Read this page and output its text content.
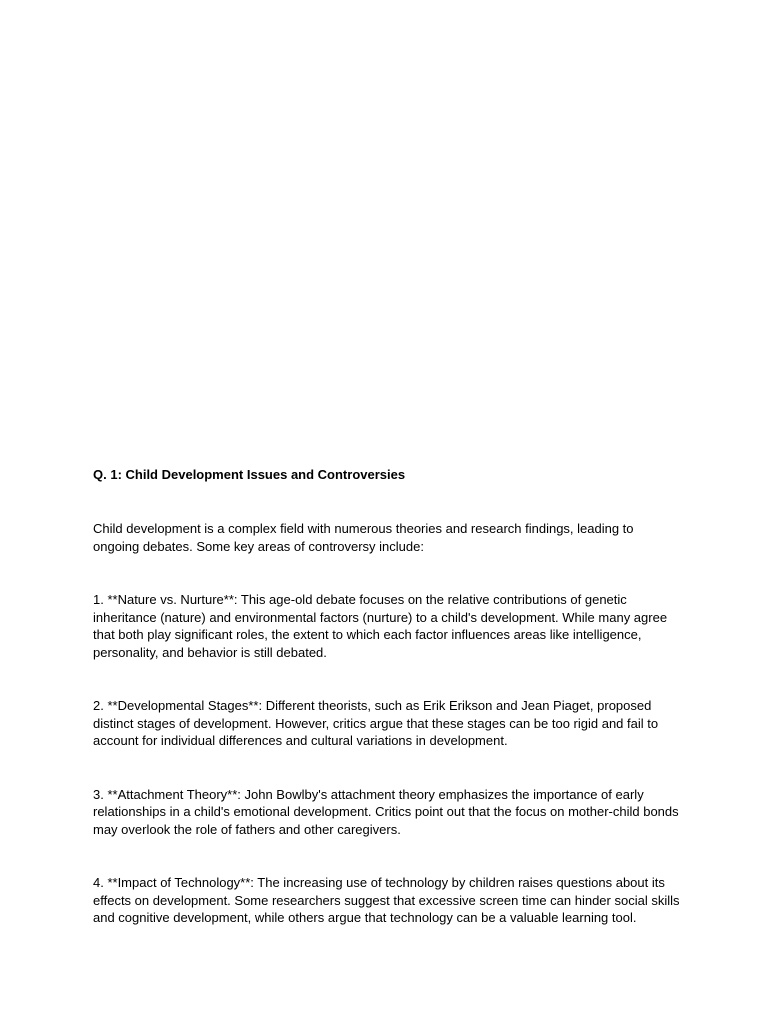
Q. 1: Child Development Issues and Controversies

Child development is a complex field with numerous theories and research findings, leading to ongoing debates. Some key areas of controversy include:

1. **Nature vs. Nurture**: This age-old debate focuses on the relative contributions of genetic inheritance (nature) and environmental factors (nurture) to a child's development. While many agree that both play significant roles, the extent to which each factor influences areas like intelligence, personality, and behavior is still debated.

2. **Developmental Stages**: Different theorists, such as Erik Erikson and Jean Piaget, proposed distinct stages of development. However, critics argue that these stages can be too rigid and fail to account for individual differences and cultural variations in development.

3. **Attachment Theory**: John Bowlby's attachment theory emphasizes the importance of early relationships in a child's emotional development. Critics point out that the focus on mother-child bonds may overlook the role of fathers and other caregivers.

4. **Impact of Technology**: The increasing use of technology by children raises questions about its effects on development. Some researchers suggest that excessive screen time can hinder social skills and cognitive development, while others argue that technology can be a valuable learning tool.
